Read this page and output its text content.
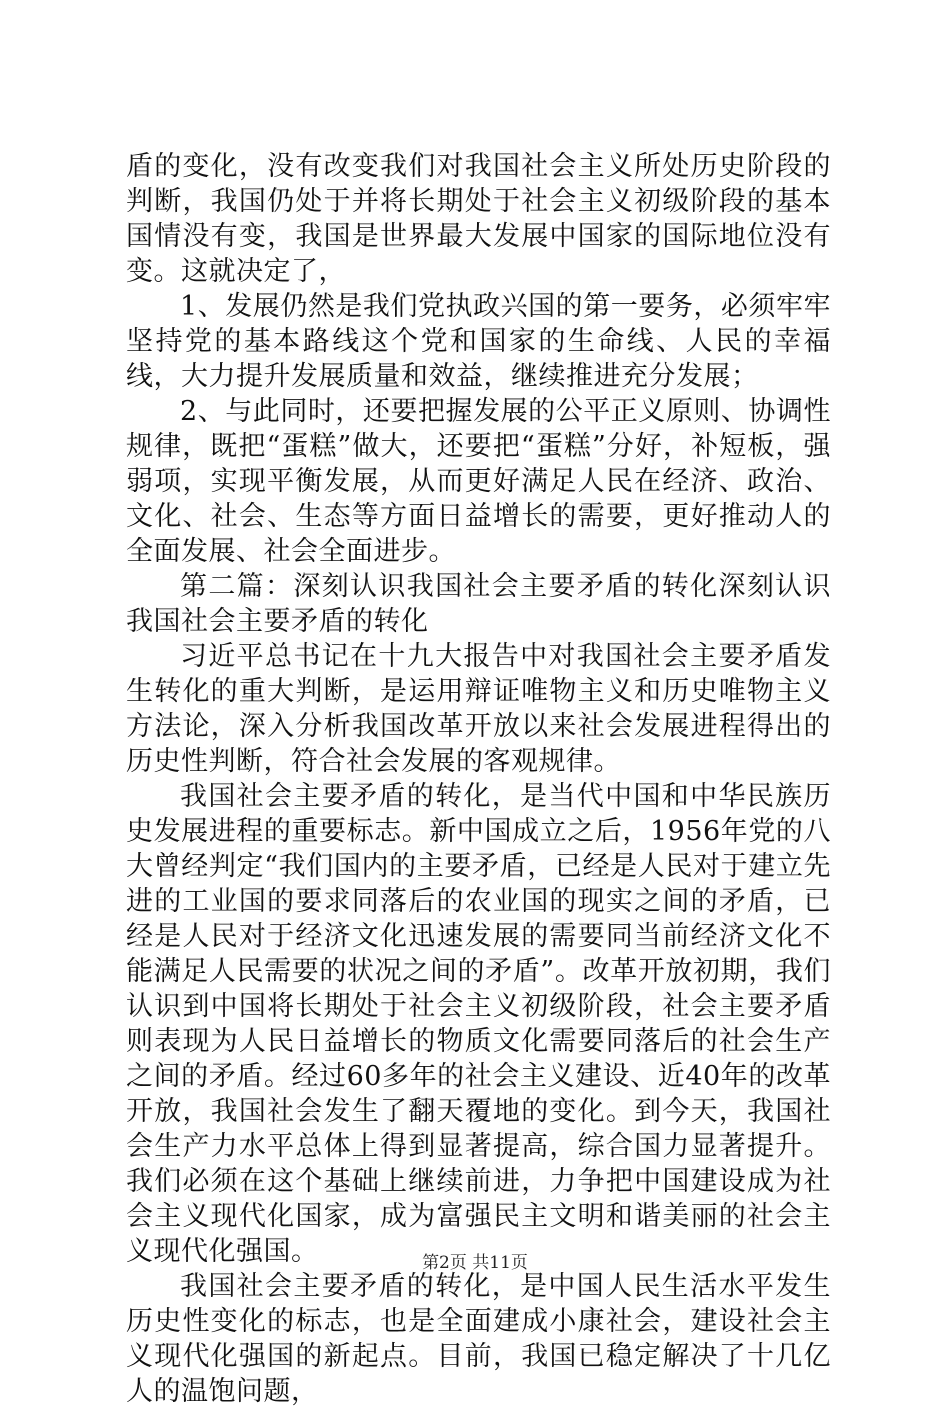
盾的变化，没有改变我们对我国社会主义所处历史阶段的判断，我国仍处于并将长期处于社会主义初级阶段的基本国情没有变，我国是世界最大发展中国家的国际地位没有变。这就决定了，

1、发展仍然是我们党执政兴国的第一要务，必须牢牢坚持党的基本路线这个党和国家的生命线、人民的幸福线，大力提升发展质量和效益，继续推进充分发展；

2、与此同时，还要把握发展的公平正义原则、协调性规律，既把“蛋糕”做大，还要把“蛋糕”分好，补短板，强弱项，实现平衡发展，从而更好满足人民在经济、政治、文化、社会、生态等方面日益增长的需要，更好推动人的全面发展、社会全面进步。

第二篇：深刻认识我国社会主要矛盾的转化深刻认识我国社会主要矛盾的转化

习近平总书记在十九大报告中对我国社会主要矛盾发生转化的重大判断，是运用辩证唯物主义和历史唯物主义方法论，深入分析我国改革开放以来社会发展进程得出的历史性判断，符合社会发展的客观规律。

我国社会主要矛盾的转化，是当代中国和中华民族历史发展进程的重要标志。新中国成立之后，1956年党的八大曾经判定“我们国内的主要矛盾，已经是人民对于建立先进的工业国的要求同落后的农业国的现实之间的矛盾，已经是人民对于经济文化迅速发展的需要同当前经济文化不能满足人民需要的状况之间的矛盾”。改革开放初期，我们认识到中国将长期处于社会主义初级阶段，社会主要矛盾则表现为人民日益增长的物质文化需要同落后的社会生产之间的矛盾。经过60多年的社会主义建设、近40年的改革开放，我国社会发生了翻天覆地的变化。到今天，我国社会生产力水平总体上得到显著提高，综合国力显著提升。我们必须在这个基础上继续前进，力争把中国建设成为社会主义现代化国家，成为富强民主文明和谐美丽的社会主义现代化强国。

我国社会主要矛盾的转化，是中国人民生活水平发生历史性变化的标志，也是全面建成小康社会，建设社会主义现代化强国的新起点。目前，我国已稳定解决了十几亿人的温饱问题，

第2页 共11页
